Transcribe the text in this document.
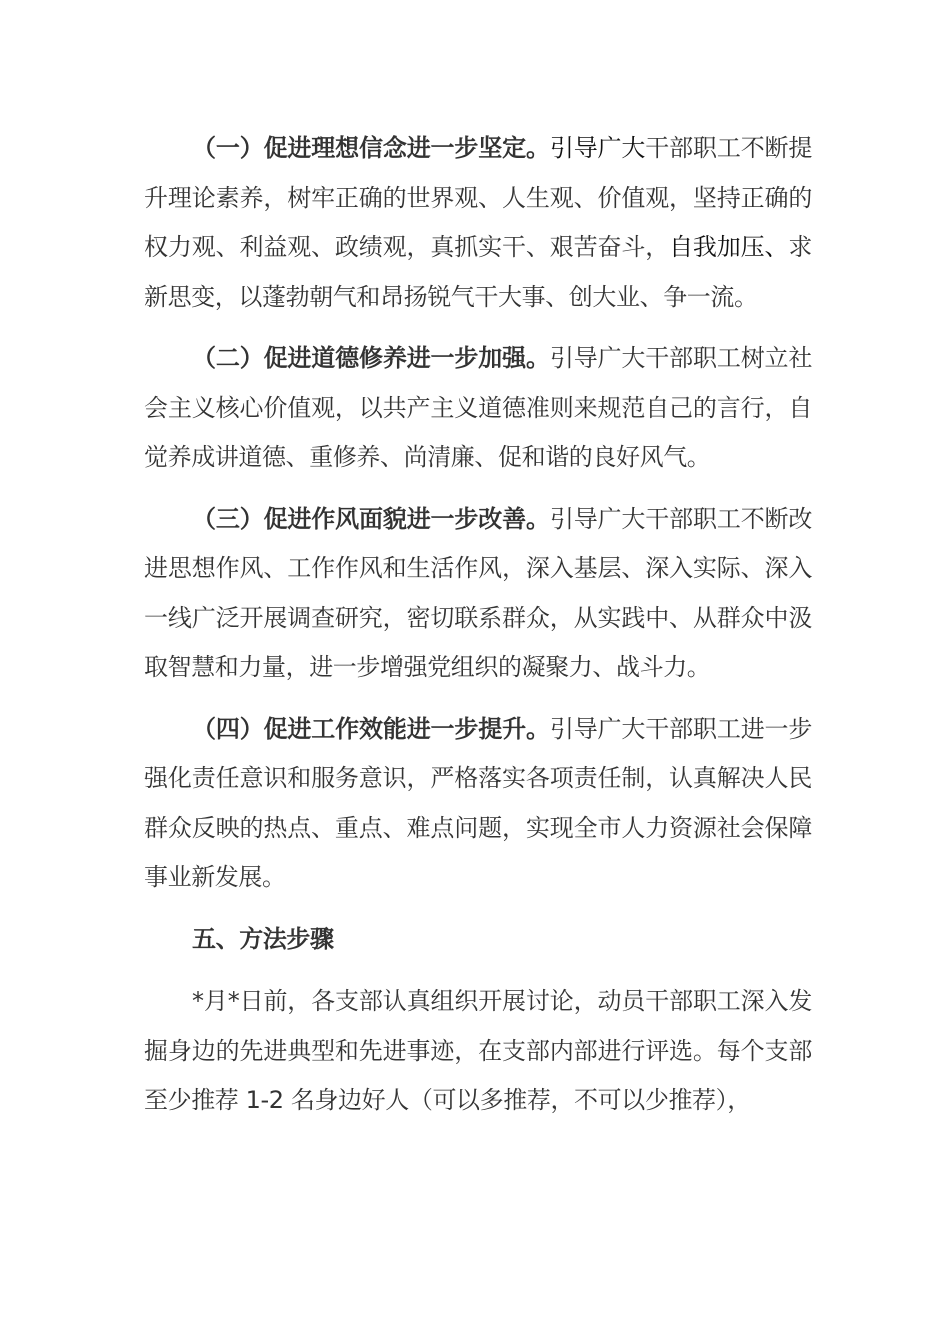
（一）促进理想信念进一步坚定。引导广大干部职工不断提升理论素养，树牢正确的世界观、人生观、价值观，坚持正确的权力观、利益观、政绩观，真抓实干、艰苦奋斗，自我加压、求新思变，以蓬勃朝气和昂扬锐气干大事、创大业、争一流。

（二）促进道德修养进一步加强。引导广大干部职工树立社会主义核心价值观，以共产主义道德准则来规范自己的言行，自觉养成讲道德、重修养、尚清廉、促和谐的良好风气。

（三）促进作风面貌进一步改善。引导广大干部职工不断改进思想作风、工作作风和生活作风，深入基层、深入实际、深入一线广泛开展调查研究，密切联系群众，从实践中、从群众中汲取智慧和力量，进一步增强党组织的凝聚力、战斗力。

（四）促进工作效能进一步提升。引导广大干部职工进一步强化责任意识和服务意识，严格落实各项责任制，认真解决人民群众反映的热点、重点、难点问题，实现全市人力资源社会保障事业新发展。

五、方法步骤

*月*日前，各支部认真组织开展讨论，动员干部职工深入发掘身边的先进典型和先进事迹，在支部内部进行评选。每个支部至少推荐 1-2 名身边好人（可以多推荐，不可以少推荐），
